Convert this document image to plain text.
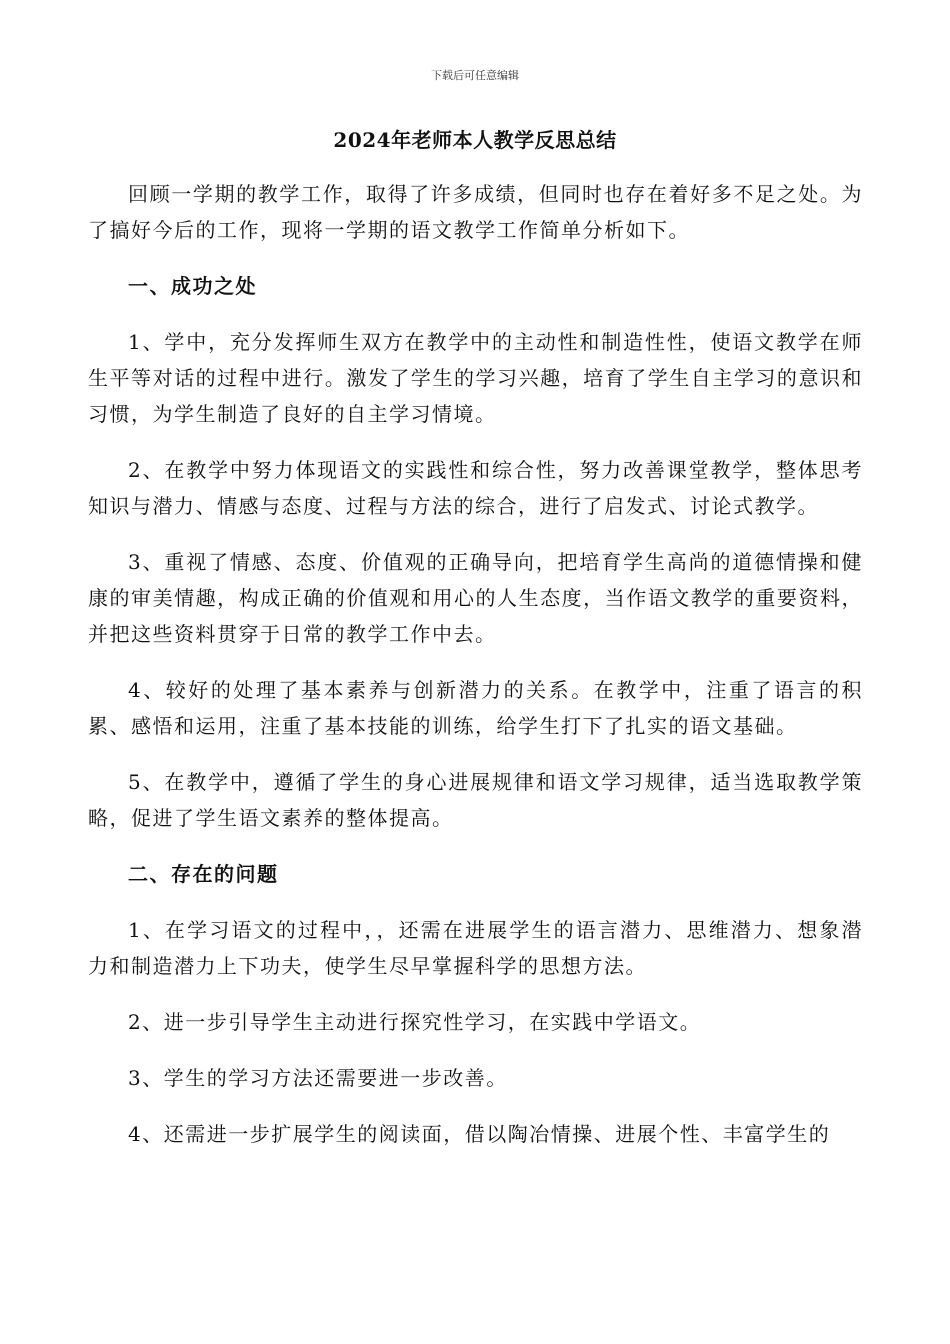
下载后可任意编辑
2024年老师本人教学反思总结

回顾一学期的教学工作，取得了许多成绩，但同时也存在着好多不足之处。为了搞好今后的工作，现将一学期的语文教学工作简单分析如下。

一、成功之处

1、学中，充分发挥师生双方在教学中的主动性和制造性性，使语文教学在师生平等对话的过程中进行。激发了学生的学习兴趣，培育了学生自主学习的意识和习惯，为学生制造了良好的自主学习情境。

2、在教学中努力体现语文的实践性和综合性，努力改善课堂教学，整体思考知识与潜力、情感与态度、过程与方法的综合，进行了启发式、讨论式教学。

3、重视了情感、态度、价值观的正确导向，把培育学生高尚的道德情操和健康的审美情趣，构成正确的价值观和用心的人生态度，当作语文教学的重要资料，并把这些资料贯穿于日常的教学工作中去。

4、较好的处理了基本素养与创新潜力的关系。在教学中，注重了语言的积累、感悟和运用，注重了基本技能的训练，给学生打下了扎实的语文基础。

5、在教学中，遵循了学生的身心进展规律和语文学习规律，适当选取教学策略，促进了学生语文素养的整体提高。

二、存在的问题

1、在学习语文的过程中，，还需在进展学生的语言潜力、思维潜力、想象潜力和制造潜力上下功夫，使学生尽早掌握科学的思想方法。

2、进一步引导学生主动进行探究性学习，在实践中学语文。

3、学生的学习方法还需要进一步改善。

4、还需进一步扩展学生的阅读面，借以陶冶情操、进展个性、丰富学生的
